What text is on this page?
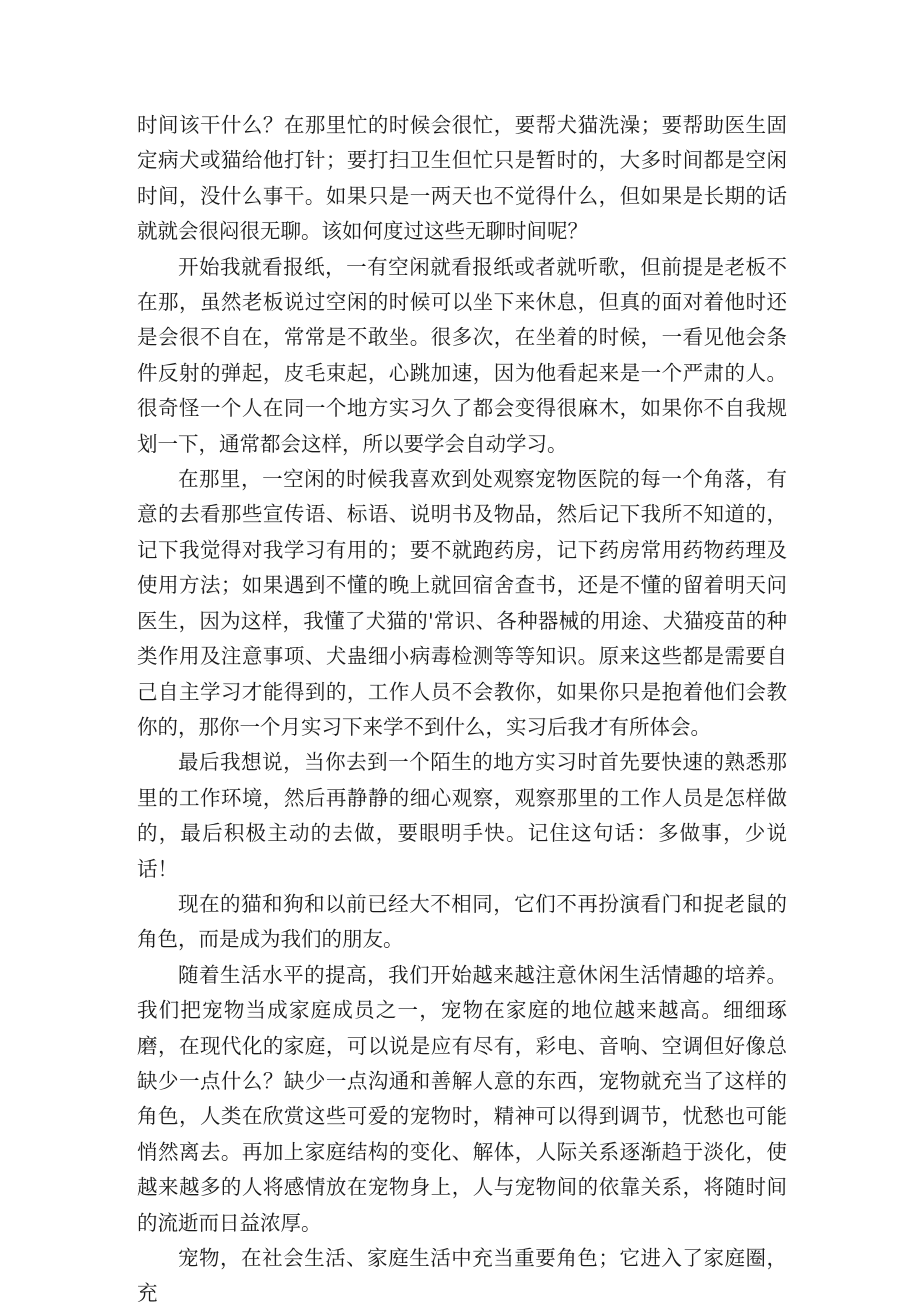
时间该干什么？在那里忙的时候会很忙，要帮犬猫洗澡；要帮助医生固定病犬或猫给他打针；要打扫卫生但忙只是暂时的，大多时间都是空闲时间，没什么事干。如果只是一两天也不觉得什么，但如果是长期的话就就会很闷很无聊。该如何度过这些无聊时间呢？

开始我就看报纸，一有空闲就看报纸或者就听歌，但前提是老板不在那，虽然老板说过空闲的时候可以坐下来休息，但真的面对着他时还是会很不自在，常常是不敢坐。很多次，在坐着的时候，一看见他会条件反射的弹起，皮毛束起，心跳加速，因为他看起来是一个严肃的人。很奇怪一个人在同一个地方实习久了都会变得很麻木，如果你不自我规划一下，通常都会这样，所以要学会自动学习。

在那里，一空闲的时候我喜欢到处观察宠物医院的每一个角落，有意的去看那些宣传语、标语、说明书及物品，然后记下我所不知道的，记下我觉得对我学习有用的；要不就跑药房，记下药房常用药物药理及使用方法；如果遇到不懂的晚上就回宿舍查书，还是不懂的留着明天问医生，因为这样，我懂了犬猫的'常识、各种器械的用途、犬猫疫苗的种类作用及注意事项、犬蛊细小病毒检测等等知识。原来这些都是需要自己自主学习才能得到的，工作人员不会教你，如果你只是抱着他们会教你的，那你一个月实习下来学不到什么，实习后我才有所体会。

最后我想说，当你去到一个陌生的地方实习时首先要快速的熟悉那里的工作环境，然后再静静的细心观察，观察那里的工作人员是怎样做的，最后积极主动的去做，要眼明手快。记住这句话：多做事，少说话！

现在的猫和狗和以前已经大不相同，它们不再扮演看门和捉老鼠的角色，而是成为我们的朋友。

随着生活水平的提高，我们开始越来越注意休闲生活情趣的培养。我们把宠物当成家庭成员之一，宠物在家庭的地位越来越高。细细琢磨，在现代化的家庭，可以说是应有尽有，彩电、音响、空调但好像总缺少一点什么？缺少一点沟通和善解人意的东西，宠物就充当了这样的角色，人类在欣赏这些可爱的宠物时，精神可以得到调节，忧愁也可能悄然离去。再加上家庭结构的变化、解体，人际关系逐渐趋于淡化，使越来越多的人将感情放在宠物身上，人与宠物间的依靠关系，将随时间的流逝而日益浓厚。

宠物，在社会生活、家庭生活中充当重要角色；它进入了家庭圈，充
